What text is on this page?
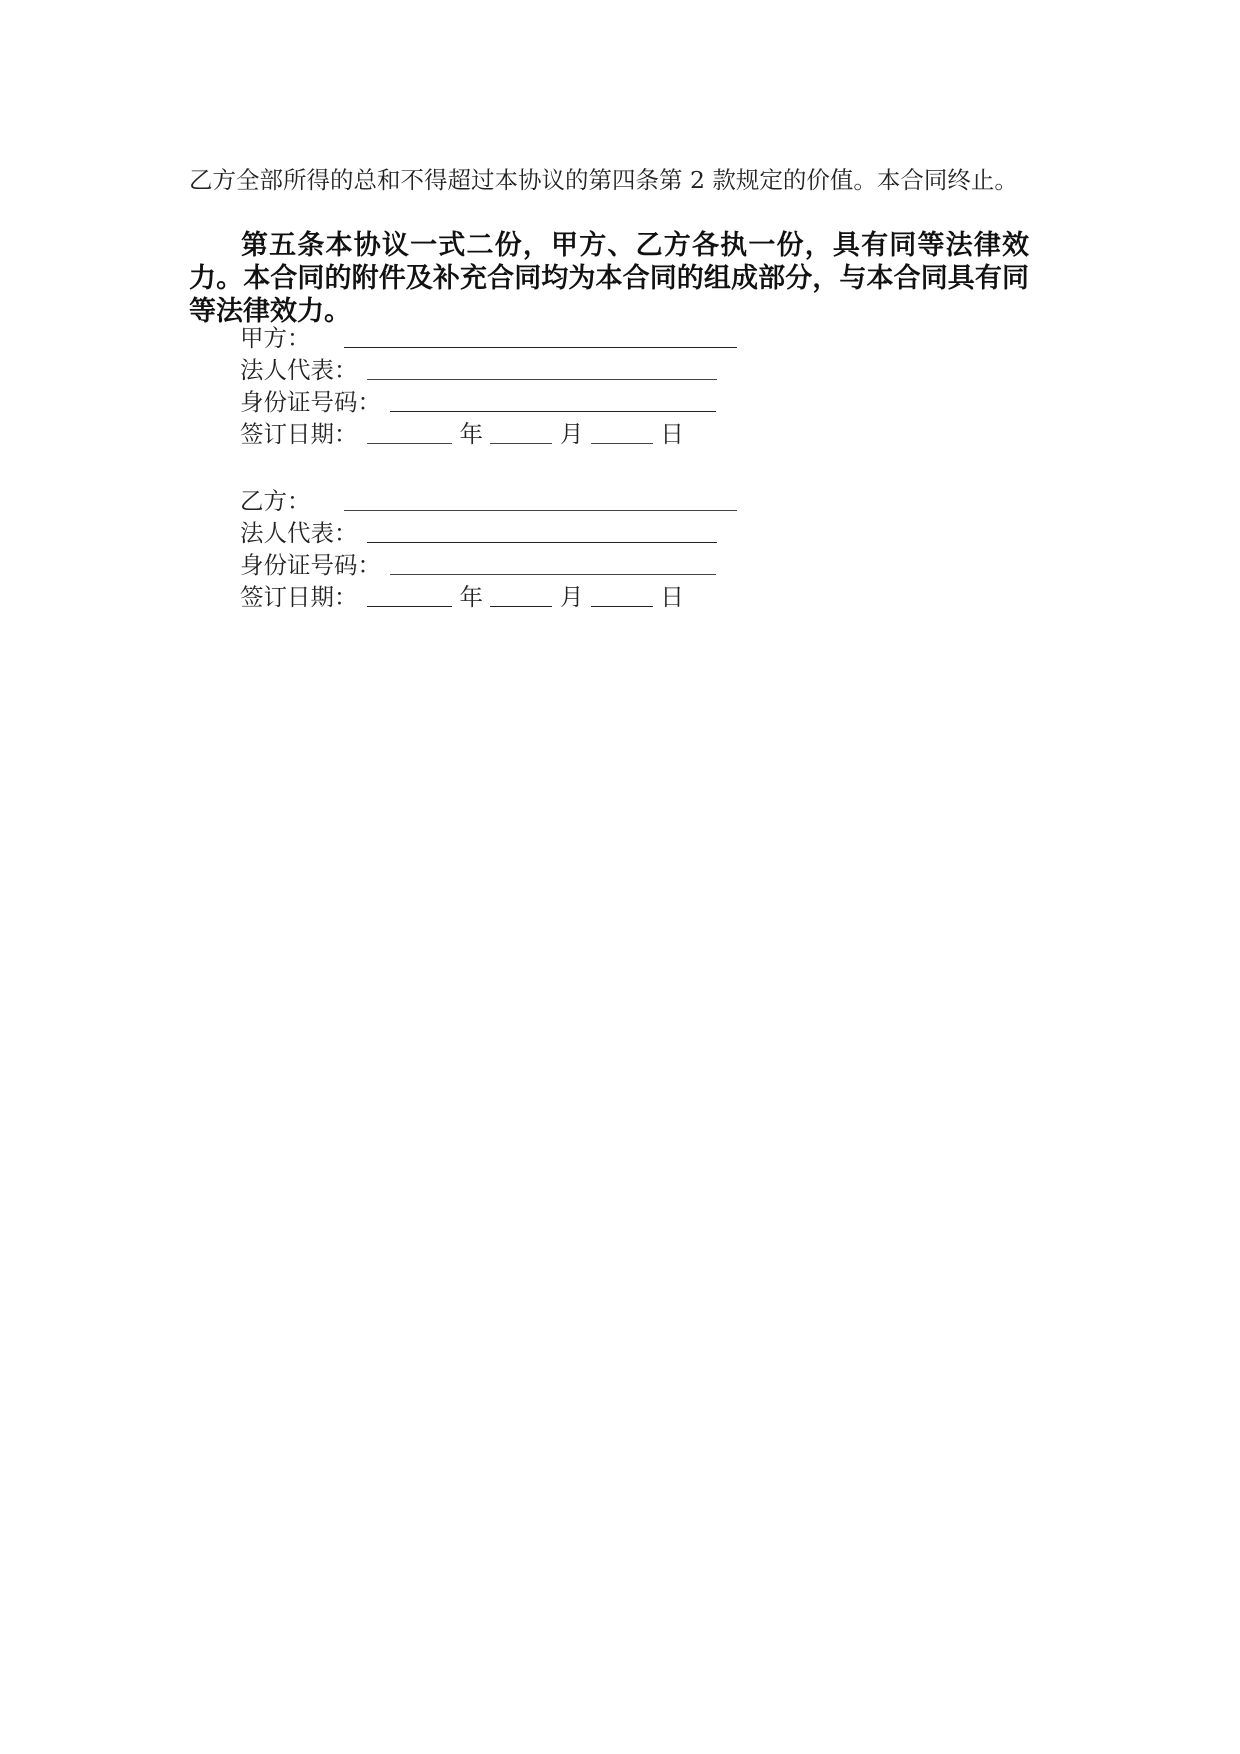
乙方全部所得的总和不得超过本协议的第四条第 2 款规定的价值。本合同终止。
第五条本协议一式二份，甲方、乙方各执一份，具有同等法律效力。本合同的附件及补充合同均为本合同的组成部分，与本合同具有同等法律效力。
甲方：
法人代表：
身份证号码：
签订日期：	年	月	日
乙方：
法人代表：
身份证号码：
签订日期：	年	月	日
